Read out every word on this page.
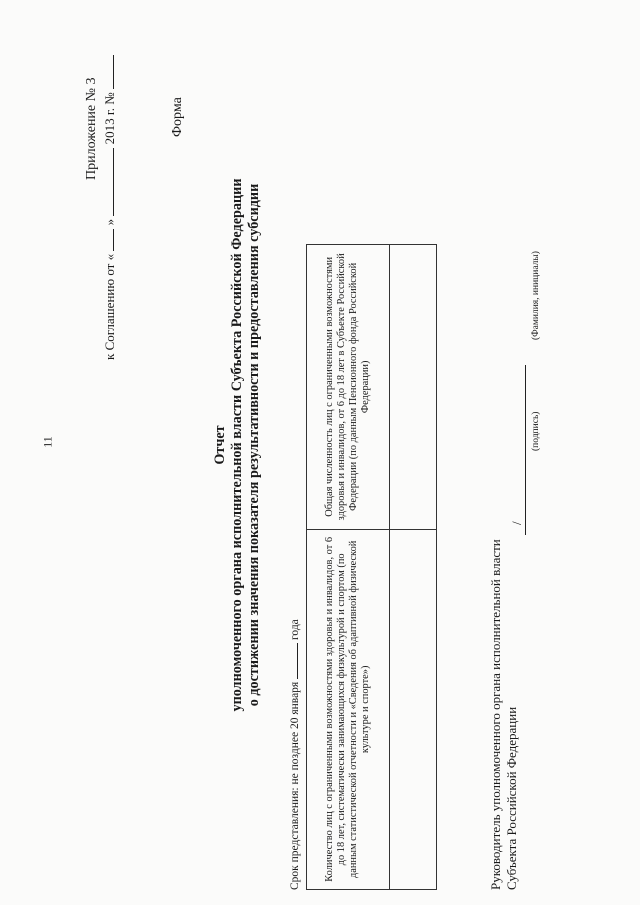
11
Приложение № 3
к Соглашению от «  »  2013 г. №	Форма
Отчет уполномоченного органа исполнительной власти Субъекта Российской Федерации о достижении значения показателя результативности и предоставления субсидии
Срок представления: не позднее 20 января  года Количество лиц с ограниченными возможностями здоровья и инвалидов, от 6 до 18 лет, систематически занимающихся физкультурой и спортом (по данным статистической отчетности и «Сведения об адаптивной физической культуре и спорте»)	Общая численность лиц с ограниченными возможностями здоровья и инвалидов, от 6 до 18 лет в Субъекте Российской Федерации (по данным Пенсионного фонда Российской Федерации)

Руководитель уполномоченного органа исполнительной власти Субъекта Российской Федерации
/
(подпись)
(Фамилия, инициалы)
